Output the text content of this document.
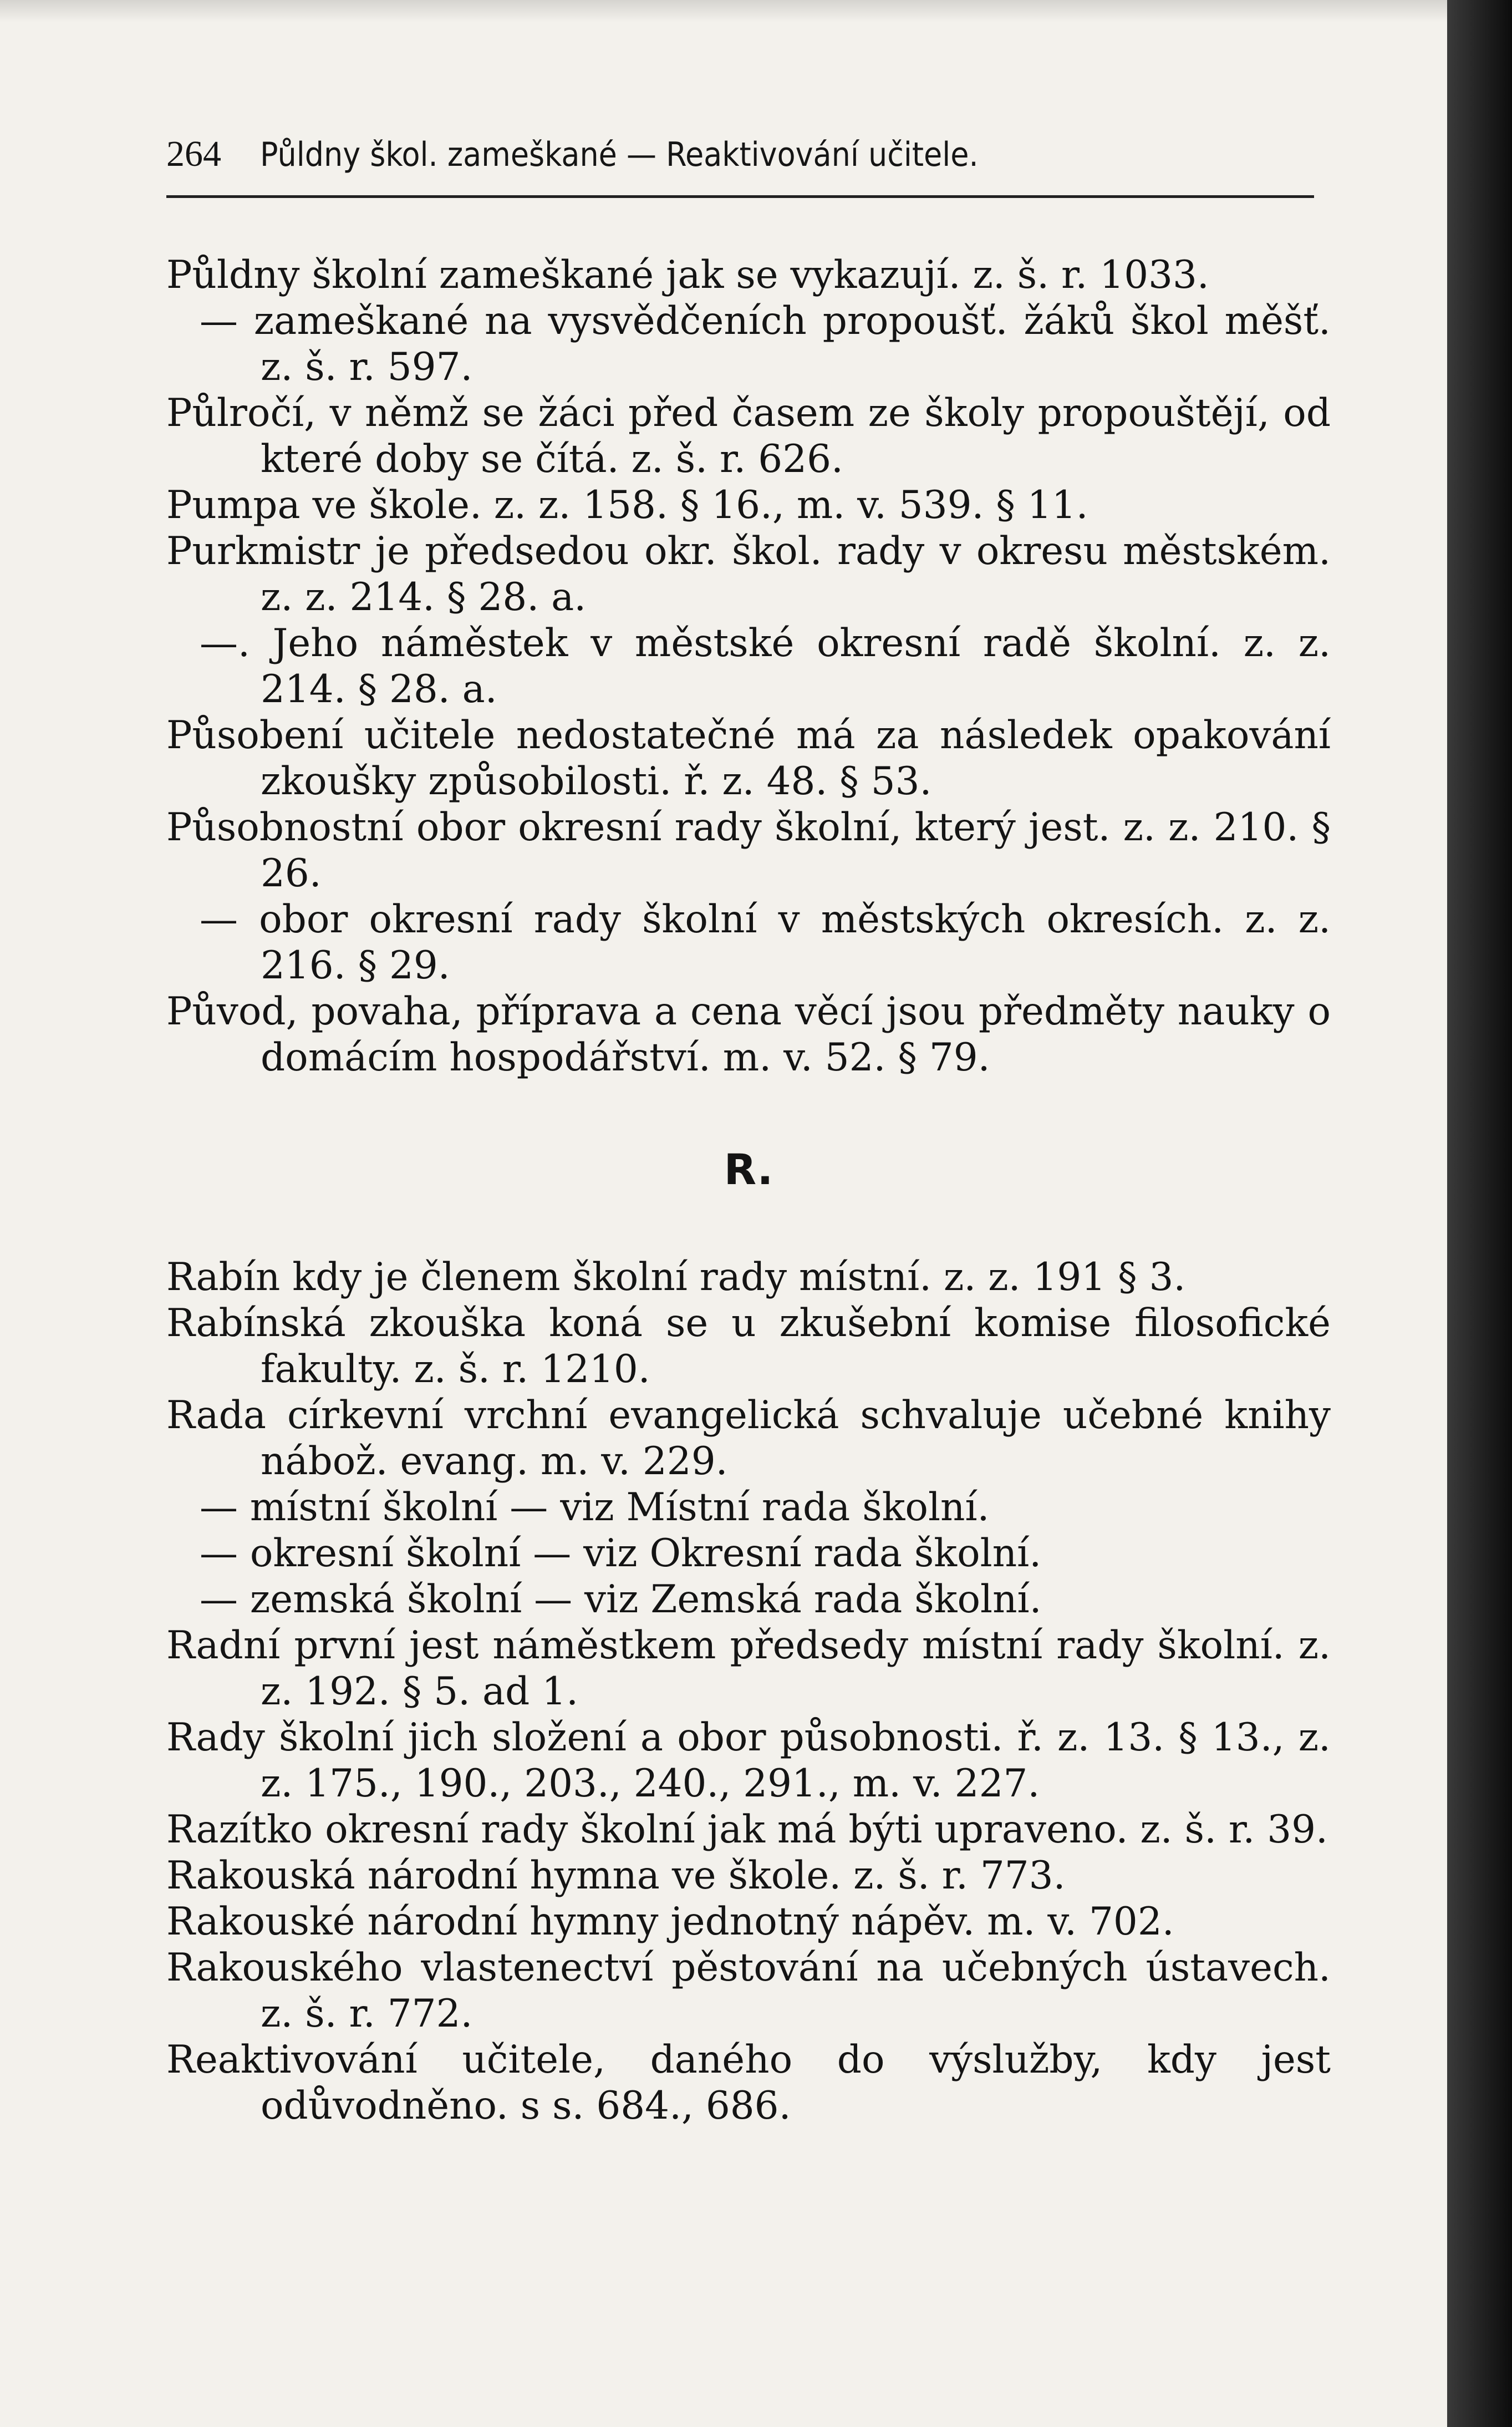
264 Půldny škol. zameškané — Reaktivování učitele.

Půldny školní zameškané jak se vykazují. z. š. r. 1033.

— zameškané na vysvědčeních propoušť. žáků škol měšť. z. š. r. 597.

Půlročí, v němž se žáci před časem ze školy propouštějí, od které doby se čítá. z. š. r. 626.

Pumpa ve škole. z. z. 158. § 16., m. v. 539. § 11.

Purkmistr je předsedou okr. škol. rady v okresu městském. z. z. 214. § 28. a.

—. Jeho náměstek v městské okresní radě školní. z. z. 214. § 28. a.

Působení učitele nedostatečné má za následek opakování zkoušky způsobilosti. ř. z. 48. § 53.

Působnostní obor okresní rady školní, který jest. z. z. 210. § 26.

— obor okresní rady školní v městských okresích. z. z. 216. § 29.

Původ, povaha, příprava a cena věcí jsou předměty nauky o domácím hospodářství. m. v. 52. § 79.

R.

Rabín kdy je členem školní rady místní. z. z. 191 § 3.

Rabínská zkouška koná se u zkušební komise filosofické fakulty. z. š. r. 1210.

Rada církevní vrchní evangelická schvaluje učebné knihy nábož. evang. m. v. 229.

— místní školní — viz Místní rada školní.

— okresní školní — viz Okresní rada školní.

— zemská školní — viz Zemská rada školní.

Radní první jest náměstkem předsedy místní rady školní. z. z. 192. § 5. ad 1.

Rady školní jich složení a obor působnosti. ř. z. 13. § 13., z. z. 175., 190., 203., 240., 291., m. v. 227.

Razítko okresní rady školní jak má býti upraveno. z. š. r. 39.

Rakouská národní hymna ve škole. z. š. r. 773.

Rakouské národní hymny jednotný nápěv. m. v. 702.

Rakouského vlastenectví pěstování na učebných ústavech. z. š. r. 772.

Reaktivování učitele, daného do výslužby, kdy jest odůvodněno. s s. 684., 686.
